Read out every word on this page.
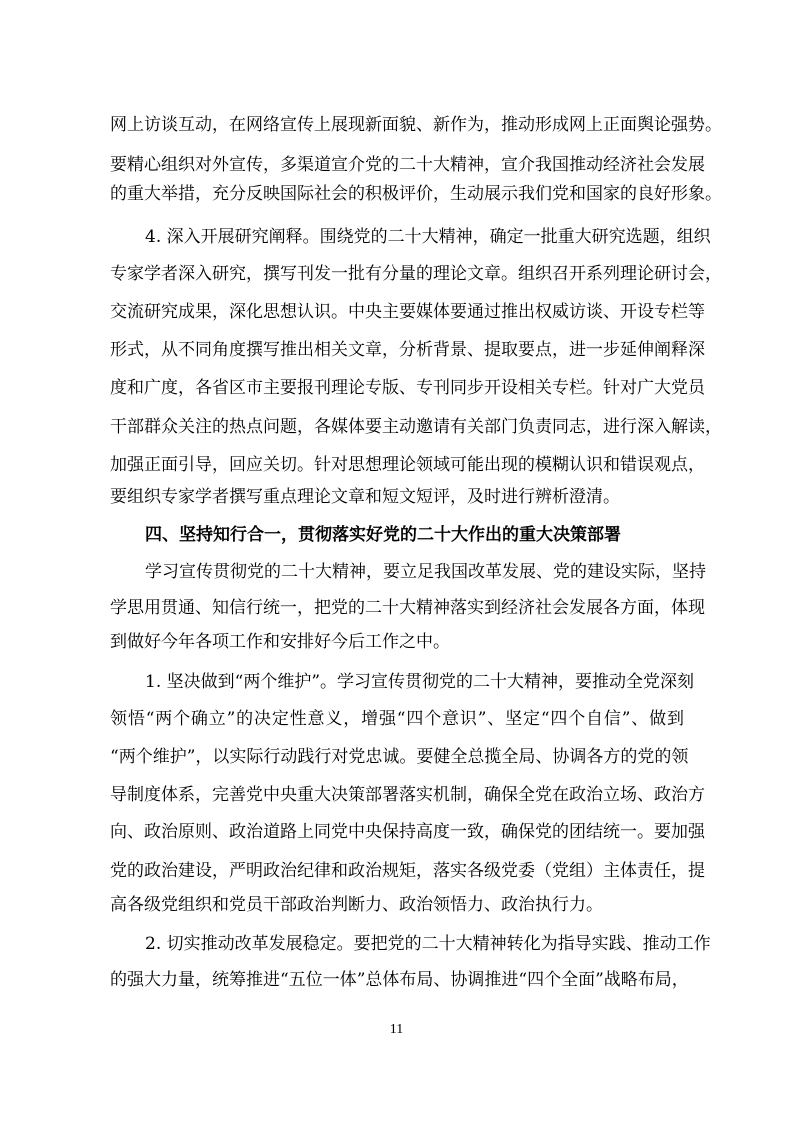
网上访谈互动，在网络宣传上展现新面貌、新作为，推动形成网上正面舆论强势。
要精心组织对外宣传，多渠道宣介党的二十大精神，宣介我国推动经济社会发展
的重大举措，充分反映国际社会的积极评价，生动展示我们党和国家的良好形象。
4. 深入开展研究阐释。围绕党的二十大精神，确定一批重大研究选题，组织
专家学者深入研究，撰写刊发一批有分量的理论文章。组织召开系列理论研讨会，
交流研究成果，深化思想认识。中央主要媒体要通过推出权威访谈、开设专栏等
形式，从不同角度撰写推出相关文章，分析背景、提取要点，进一步延伸阐释深
度和广度，各省区市主要报刊理论专版、专刊同步开设相关专栏。针对广大党员
干部群众关注的热点问题，各媒体要主动邀请有关部门负责同志，进行深入解读，
加强正面引导，回应关切。针对思想理论领域可能出现的模糊认识和错误观点，
要组织专家学者撰写重点理论文章和短文短评，及时进行辨析澄清。
四、坚持知行合一，贯彻落实好党的二十大作出的重大决策部署
学习宣传贯彻党的二十大精神，要立足我国改革发展、党的建设实际，坚持
学思用贯通、知信行统一，把党的二十大精神落实到经济社会发展各方面，体现
到做好今年各项工作和安排好今后工作之中。
1. 坚决做到“两个维护”。学习宣传贯彻党的二十大精神，要推动全党深刻
领悟“两个确立”的决定性意义，增强“四个意识”、坚定“四个自信”、做到
“两个维护”，以实际行动践行对党忠诚。要健全总揽全局、协调各方的党的领
导制度体系，完善党中央重大决策部署落实机制，确保全党在政治立场、政治方
向、政治原则、政治道路上同党中央保持高度一致，确保党的团结统一。要加强
党的政治建设，严明政治纪律和政治规矩，落实各级党委（党组）主体责任，提
高各级党组织和党员干部政治判断力、政治领悟力、政治执行力。
2. 切实推动改革发展稳定。要把党的二十大精神转化为指导实践、推动工作
的强大力量，统筹推进“五位一体”总体布局、协调推进“四个全面”战略布局，
11
